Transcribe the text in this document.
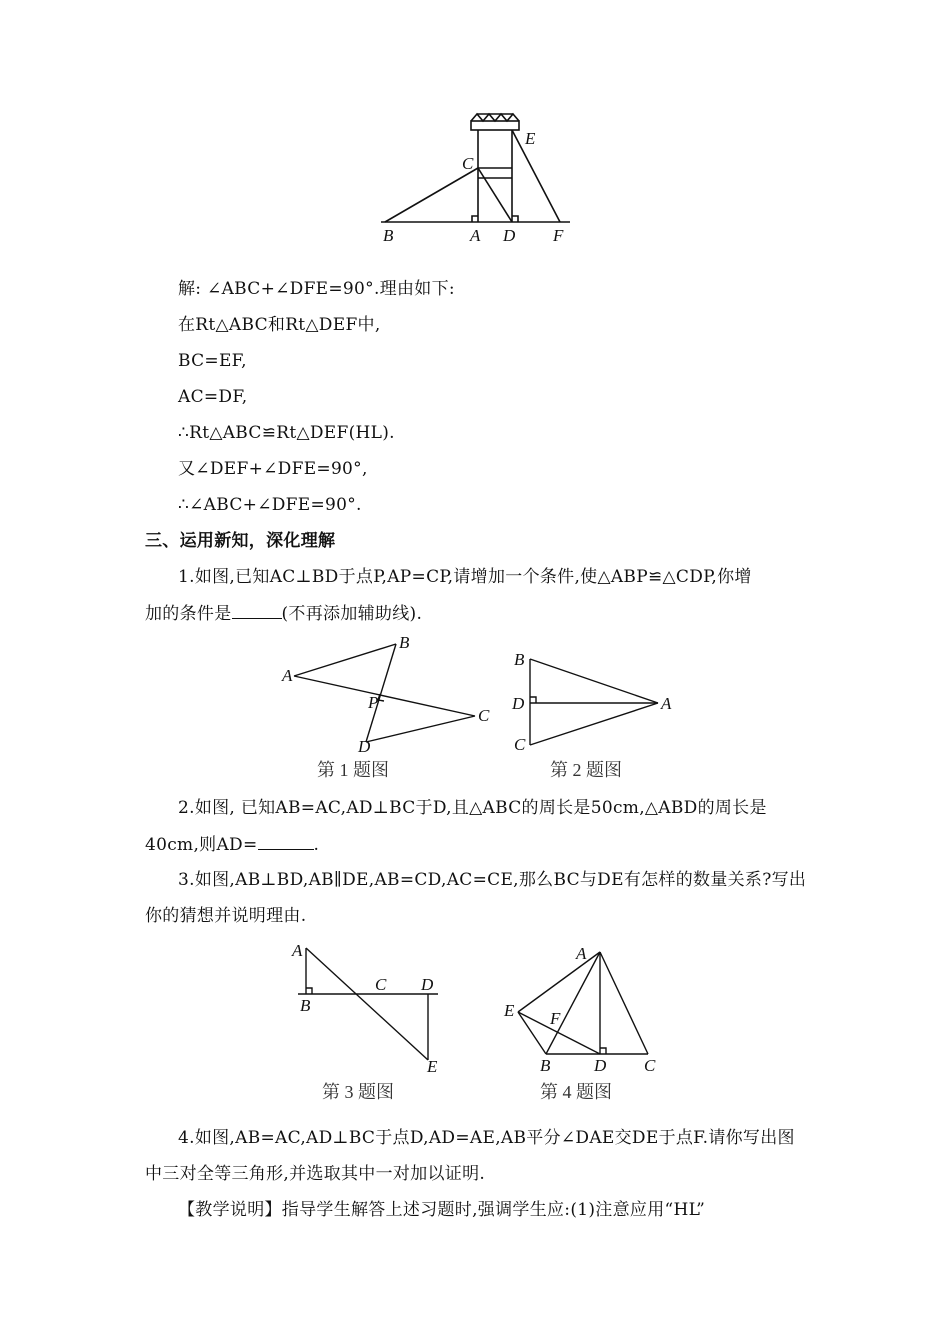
B	A D F
C
E
解: ∠ABC+∠DFE=90°.理由如下:
在Rt△ABC和Rt△DEF中,
BC=EF,
AC=DF,
∴Rt△ABC≌Rt△DEF(HL).
又∠DEF+∠DFE=90°,
∴∠ABC+∠DFE=90°.
三、运用新知，深化理解
1.如图,已知AC⊥BD于点P,AP=CP,请增加一个条件,使△ABP≌△CDP,你增
加的条件是	(不再添加辅助线).
A
B
P
C
D
第 1 题图
B
D
C
A
第 2 题图
2.如图, 已知AB=AC,AD⊥BC于D,且△ABC的周长是50cm,△ABD的周长是
40cm,则AD=	.
3.如图,AB⊥BD,AB∥DE,AB=CD,AC=CE,那么BC与DE有怎样的数量关系?写出
你的猜想并说明理由.
A
B
C D
E
第 3 题图
A
E F
B	D C
第 4 题图
4.如图,AB=AC,AD⊥BC于点D,AD=AE,AB平分∠DAE交DE于点F.请你写出图
中三对全等三角形,并选取其中一对加以证明.
【教学说明】指导学生解答上述习题时,强调学生应:(1)注意应用“HL”
